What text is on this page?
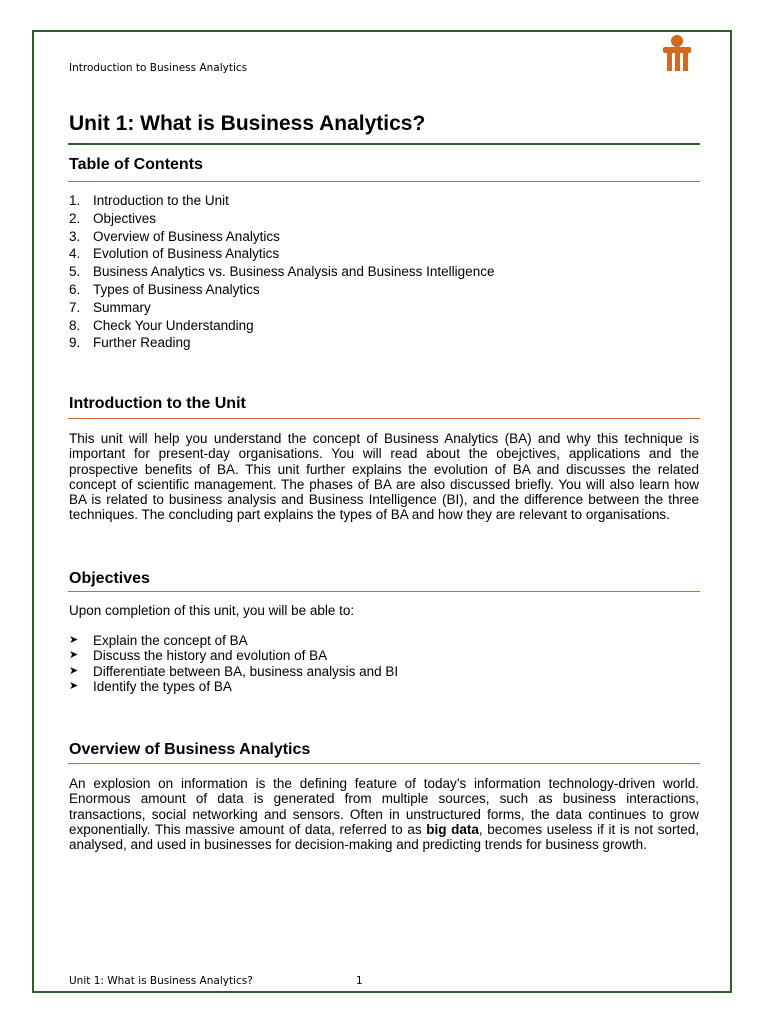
Introduction to Business Analytics
Unit 1: What is Business Analytics?
Table of Contents
1. Introduction to the Unit
2. Objectives
3. Overview of Business Analytics
4. Evolution of Business Analytics
5. Business Analytics vs. Business Analysis and Business Intelligence
6. Types of Business Analytics
7. Summary
8. Check Your Understanding
9. Further Reading
Introduction to the Unit

This unit will help you understand the concept of Business Analytics (BA) and why this technique is important for present-day organisations. You will read about the obejctives, applications and the prospective benefits of BA. This unit further explains the evolution of BA and discusses the related concept of scientific management. The phases of BA are also discussed briefly. You will also learn how BA is related to business analysis and Business Intelligence (BI), and the difference between the three techniques. The concluding part explains the types of BA and how they are relevant to organisations.

Objectives

Upon completion of this unit, you will be able to:

➤	Explain the concept of BA
➤	Discuss the history and evolution of BA
➤	Differentiate between BA, business analysis and BI
➤	Identify the types of BA
Overview of Business Analytics

An explosion on information is the defining feature of today’s information technology-driven world. Enormous amount of data is generated from multiple sources, such as business interactions, transactions, social networking and sensors. Often in unstructured forms, the data continues to grow exponentially. This massive amount of data, referred to as big data, becomes useless if it is not sorted, analysed, and used in businesses for decision-making and predicting trends for business growth.

Unit 1: What is Business Analytics?	1
